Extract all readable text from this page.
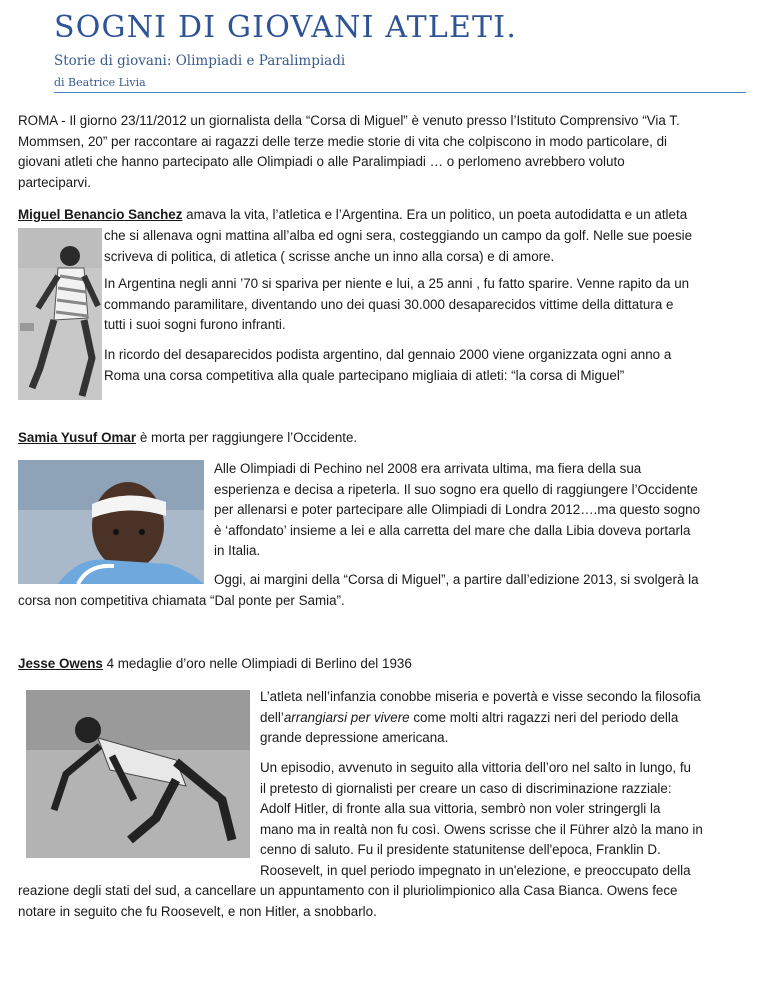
SOGNI DI GIOVANI ATLETI.
Storie di giovani: Olimpiadi e Paralimpiadi
di Beatrice Livia
ROMA - Il giorno 23/11/2012 un giornalista della “Corsa di Miguel” è venuto presso l’Istituto Comprensivo “Via T.
Mommsen, 20” per raccontare ai ragazzi delle terze medie storie di vita che colpiscono in modo particolare, di
giovani atleti che hanno partecipato alle Olimpiadi o alle Paralimpiadi … o perlomeno avrebbero voluto
parteciparvi.
Miguel Benancio Sanchez amava la vita, l’atletica e l’Argentina. Era un politico, un poeta autodidatta e un atleta
che si allenava ogni mattina all’alba ed ogni sera, costeggiando un campo da golf. Nelle sue poesie
scriveva di politica, di atletica ( scrisse anche un inno alla corsa) e di amore.
In Argentina negli anni ’70 si spariva per niente e lui, a 25 anni , fu fatto sparire. Venne rapito da un
commando paramilitare, diventando uno dei quasi 30.000 desaparecidos vittime della dittatura e
tutti i suoi sogni furono infranti.
In ricordo del desaparecidos podista argentino, dal gennaio 2000 viene organizzata ogni anno a
Roma una corsa competitiva alla quale partecipano migliaia di atleti: “la corsa di Miguel”
Samia Yusuf Omar è morta per raggiungere l’Occidente.
Alle Olimpiadi di Pechino nel 2008 era arrivata ultima, ma fiera della sua
esperienza e decisa a ripeterla. Il suo sogno era quello di raggiungere l’Occidente
per allenarsi e poter partecipare alle Olimpiadi di Londra 2012….ma questo sogno
è ‘affondato’ insieme a lei e alla carretta del mare che dalla Libia doveva portarla
in Italia.
Oggi, ai margini della “Corsa di Miguel”, a partire dall’edizione 2013, si svolgerà la
corsa non competitiva chiamata “Dal ponte per Samia”.
Jesse Owens 4 medaglie d’oro nelle Olimpiadi di Berlino del 1936
L’atleta nell’infanzia conobbe miseria e povertà e visse secondo la filosofia
dell’arrangiarsi per vivere come molti altri ragazzi neri del periodo della
grande depressione americana.
Un episodio, avvenuto in seguito alla vittoria dell’oro nel salto in lungo, fu
il pretesto di giornalisti per creare un caso di discriminazione razziale:
Adolf Hitler, di fronte alla sua vittoria, sembrò non voler stringergli la
mano ma in realtà non fu così. Owens scrisse che il Führer alzò la mano in
cenno di saluto. Fu il presidente statunitense dell'epoca, Franklin D.
Roosevelt, in quel periodo impegnato in un'elezione, e preoccupato della
reazione degli stati del sud, a cancellare un appuntamento con il pluriolimpionico alla Casa Bianca. Owens fece
notare in seguito che fu Roosevelt, e non Hitler, a snobbarlo.
